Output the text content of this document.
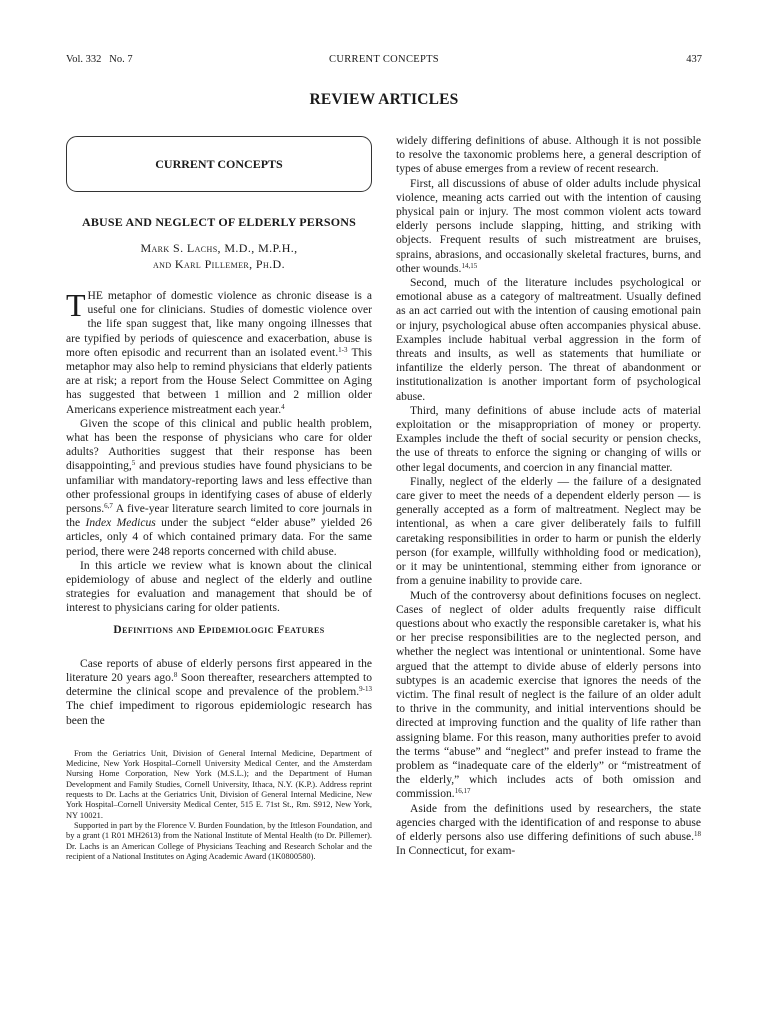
Vol. 332   No. 7	CURRENT CONCEPTS	437
REVIEW ARTICLES
CURRENT CONCEPTS
ABUSE AND NEGLECT OF ELDERLY PERSONS
Mark S. Lachs, M.D., M.P.H.,
and Karl Pillemer, Ph.D.

THE metaphor of domestic violence as chronic disease is a useful one for clinicians. Studies of domestic violence over the life span suggest that, like many ongoing illnesses that are typified by periods of quiescence and exacerbation, abuse is more often episodic and recurrent than an isolated event.$^{1-3}$ This metaphor may also help to remind physicians that elderly patients are at risk; a report from the House Select Committee on Aging has suggested that between 1 million and 2 million older Americans experience mistreatment each year.$^4$

Given the scope of this clinical and public health problem, what has been the response of physicians who care for older adults? Authorities suggest that their response has been disappointing,$^5$ and previous studies have found physicians to be unfamiliar with mandatory-reporting laws and less effective than other professional groups in identifying cases of abuse of elderly persons.$^{6,7}$ A five-year literature search limited to core journals in the Index Medicus under the subject “elder abuse” yielded 26 articles, only 4 of which contained primary data. For the same period, there were 248 reports concerned with child abuse.

In this article we review what is known about the clinical epidemiology of abuse and neglect of the elderly and outline strategies for evaluation and management that should be of interest to physicians caring for older patients.

Definitions and Epidemiologic Features

Case reports of abuse of elderly persons first appeared in the literature 20 years ago.$^8$ Soon thereafter, researchers attempted to determine the clinical scope and prevalence of the problem.$^{9-13}$ The chief impediment to rigorous epidemiologic research has been the

From the Geriatrics Unit, Division of General Internal Medicine, Department of Medicine, New York Hospital–Cornell University Medical Center, and the Amsterdam Nursing Home Corporation, New York (M.S.L.); and the Department of Human Development and Family Studies, Cornell University, Ithaca, N.Y. (K.P.). Address reprint requests to Dr. Lachs at the Geriatrics Unit, Division of General Internal Medicine, New York Hospital–Cornell University Medical Center, 515 E. 71st St., Rm. S912, New York, NY 10021.

Supported in part by the Florence V. Burden Foundation, by the Ittleson Foundation, and by a grant (1 R01 MH2613) from the National Institute of Mental Health (to Dr. Pillemer). Dr. Lachs is an American College of Physicians Teaching and Research Scholar and the recipient of a National Institutes on Aging Academic Award (1K0800580).

widely differing definitions of abuse. Although it is not possible to resolve the taxonomic problems here, a general description of types of abuse emerges from a review of recent research.

First, all discussions of abuse of older adults include physical violence, meaning acts carried out with the intention of causing physical pain or injury. The most common violent acts toward elderly persons include slapping, hitting, and striking with objects. Frequent results of such mistreatment are bruises, sprains, abrasions, and occasionally skeletal fractures, burns, and other wounds.$^{14,15}$

Second, much of the literature includes psychological or emotional abuse as a category of maltreatment. Usually defined as an act carried out with the intention of causing emotional pain or injury, psychological abuse often accompanies physical abuse. Examples include habitual verbal aggression in the form of threats and insults, as well as statements that humiliate or infantilize the elderly person. The threat of abandonment or institutionalization is another important form of psychological abuse.

Third, many definitions of abuse include acts of material exploitation or the misappropriation of money or property. Examples include the theft of social security or pension checks, the use of threats to enforce the signing or changing of wills or other legal documents, and coercion in any financial matter.

Finally, neglect of the elderly — the failure of a designated care giver to meet the needs of a dependent elderly person — is generally accepted as a form of maltreatment. Neglect may be intentional, as when a care giver deliberately fails to fulfill caretaking responsibilities in order to harm or punish the elderly person (for example, willfully withholding food or medication), or it may be unintentional, stemming either from ignorance or from a genuine inability to provide care.

Much of the controversy about definitions focuses on neglect. Cases of neglect of older adults frequently raise difficult questions about who exactly the responsible caretaker is, what his or her precise responsibilities are to the neglected person, and whether the neglect was intentional or unintentional. Some have argued that the attempt to divide abuse of elderly persons into subtypes is an academic exercise that ignores the needs of the victim. The final result of neglect is the failure of an older adult to thrive in the community, and initial interventions should be directed at improving function and the quality of life rather than assigning blame. For this reason, many authorities prefer to avoid the terms “abuse” and “neglect” and prefer instead to frame the problem as “inadequate care of the elderly” or “mistreatment of the elderly,” which includes acts of both omission and commission.$^{16,17}$

Aside from the definitions used by researchers, the state agencies charged with the identification of and response to abuse of elderly persons also use differing definitions of such abuse.$^{18}$ In Connecticut, for exam-
